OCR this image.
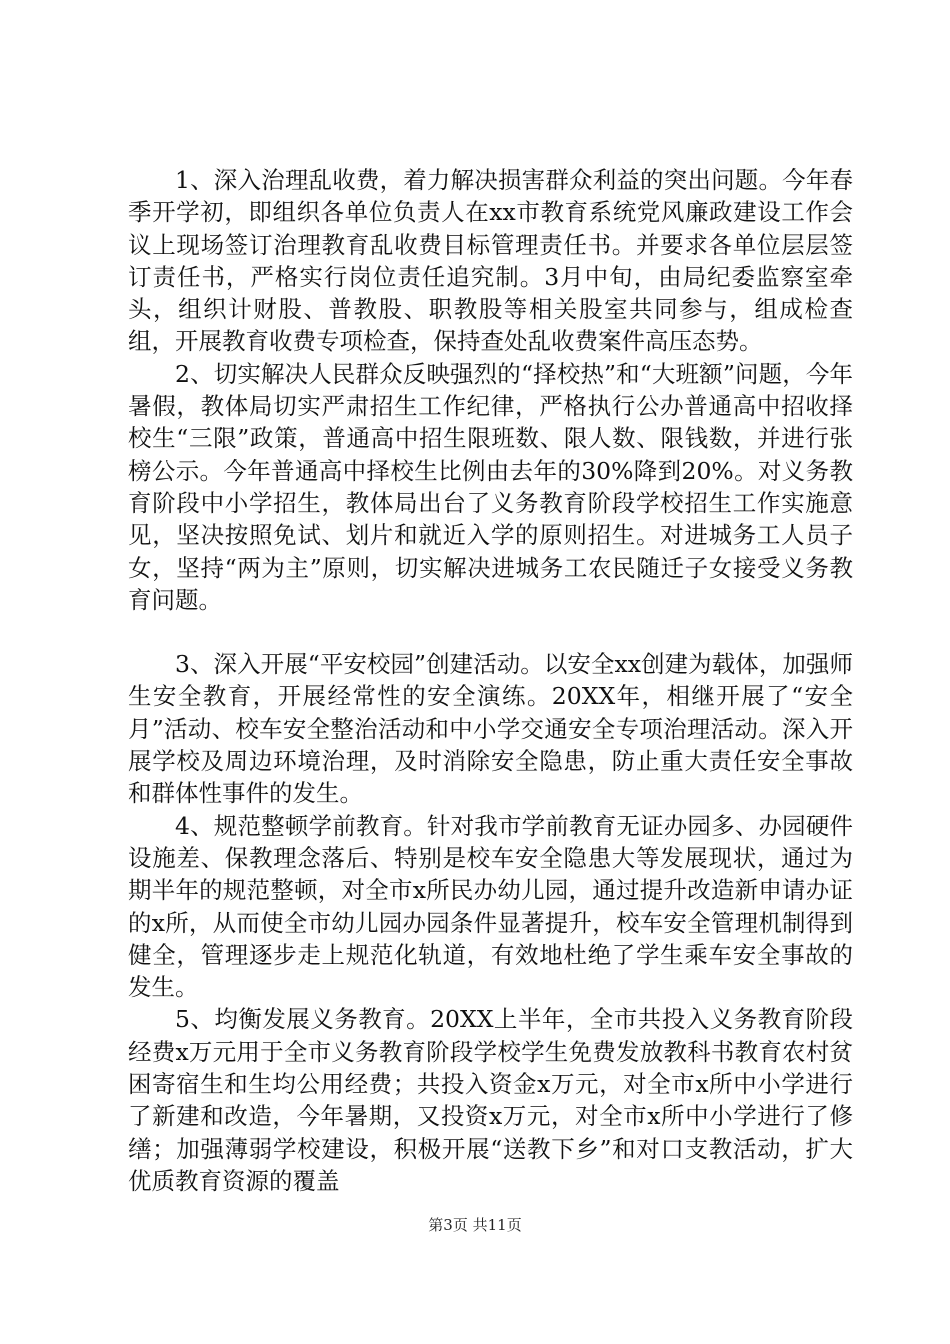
1、深入治理乱收费，着力解决损害群众利益的突出问题。今年春季开学初，即组织各单位负责人在xx市教育系统党风廉政建设工作会议上现场签订治理教育乱收费目标管理责任书。并要求各单位层层签订责任书，严格实行岗位责任追究制。3月中旬，由局纪委监察室牵头，组织计财股、普教股、职教股等相关股室共同参与，组成检查组，开展教育收费专项检查，保持查处乱收费案件高压态势。

2、切实解决人民群众反映强烈的“择校热”和“大班额”问题，今年暑假，教体局切实严肃招生工作纪律，严格执行公办普通高中招收择校生“三限”政策，普通高中招生限班数、限人数、限钱数，并进行张榜公示。今年普通高中择校生比例由去年的30%降到20%。对义务教育阶段中小学招生，教体局出台了义务教育阶段学校招生工作实施意见，坚决按照免试、划片和就近入学的原则招生。对进城务工人员子女，坚持“两为主”原则，切实解决进城务工农民随迁子女接受义务教育问题。

3、深入开展“平安校园”创建活动。以安全xx创建为载体，加强师生安全教育，开展经常性的安全演练。20XX年，相继开展了“安全月”活动、校车安全整治活动和中小学交通安全专项治理活动。深入开展学校及周边环境治理，及时消除安全隐患，防止重大责任安全事故和群体性事件的发生。

4、规范整顿学前教育。针对我市学前教育无证办园多、办园硬件设施差、保教理念落后、特别是校车安全隐患大等发展现状，通过为期半年的规范整顿，对全市x所民办幼儿园，通过提升改造新申请办证的x所，从而使全市幼儿园办园条件显著提升，校车安全管理机制得到健全，管理逐步走上规范化轨道，有效地杜绝了学生乘车安全事故的发生。

5、均衡发展义务教育。20XX上半年，全市共投入义务教育阶段经费x万元用于全市义务教育阶段学校学生免费发放教科书教育农村贫困寄宿生和生均公用经费；共投入资金x万元，对全市x所中小学进行了新建和改造，今年暑期，又投资x万元，对全市x所中小学进行了修缮；加强薄弱学校建设，积极开展“送教下乡”和对口支教活动，扩大优质教育资源的覆盖

第3页 共11页
